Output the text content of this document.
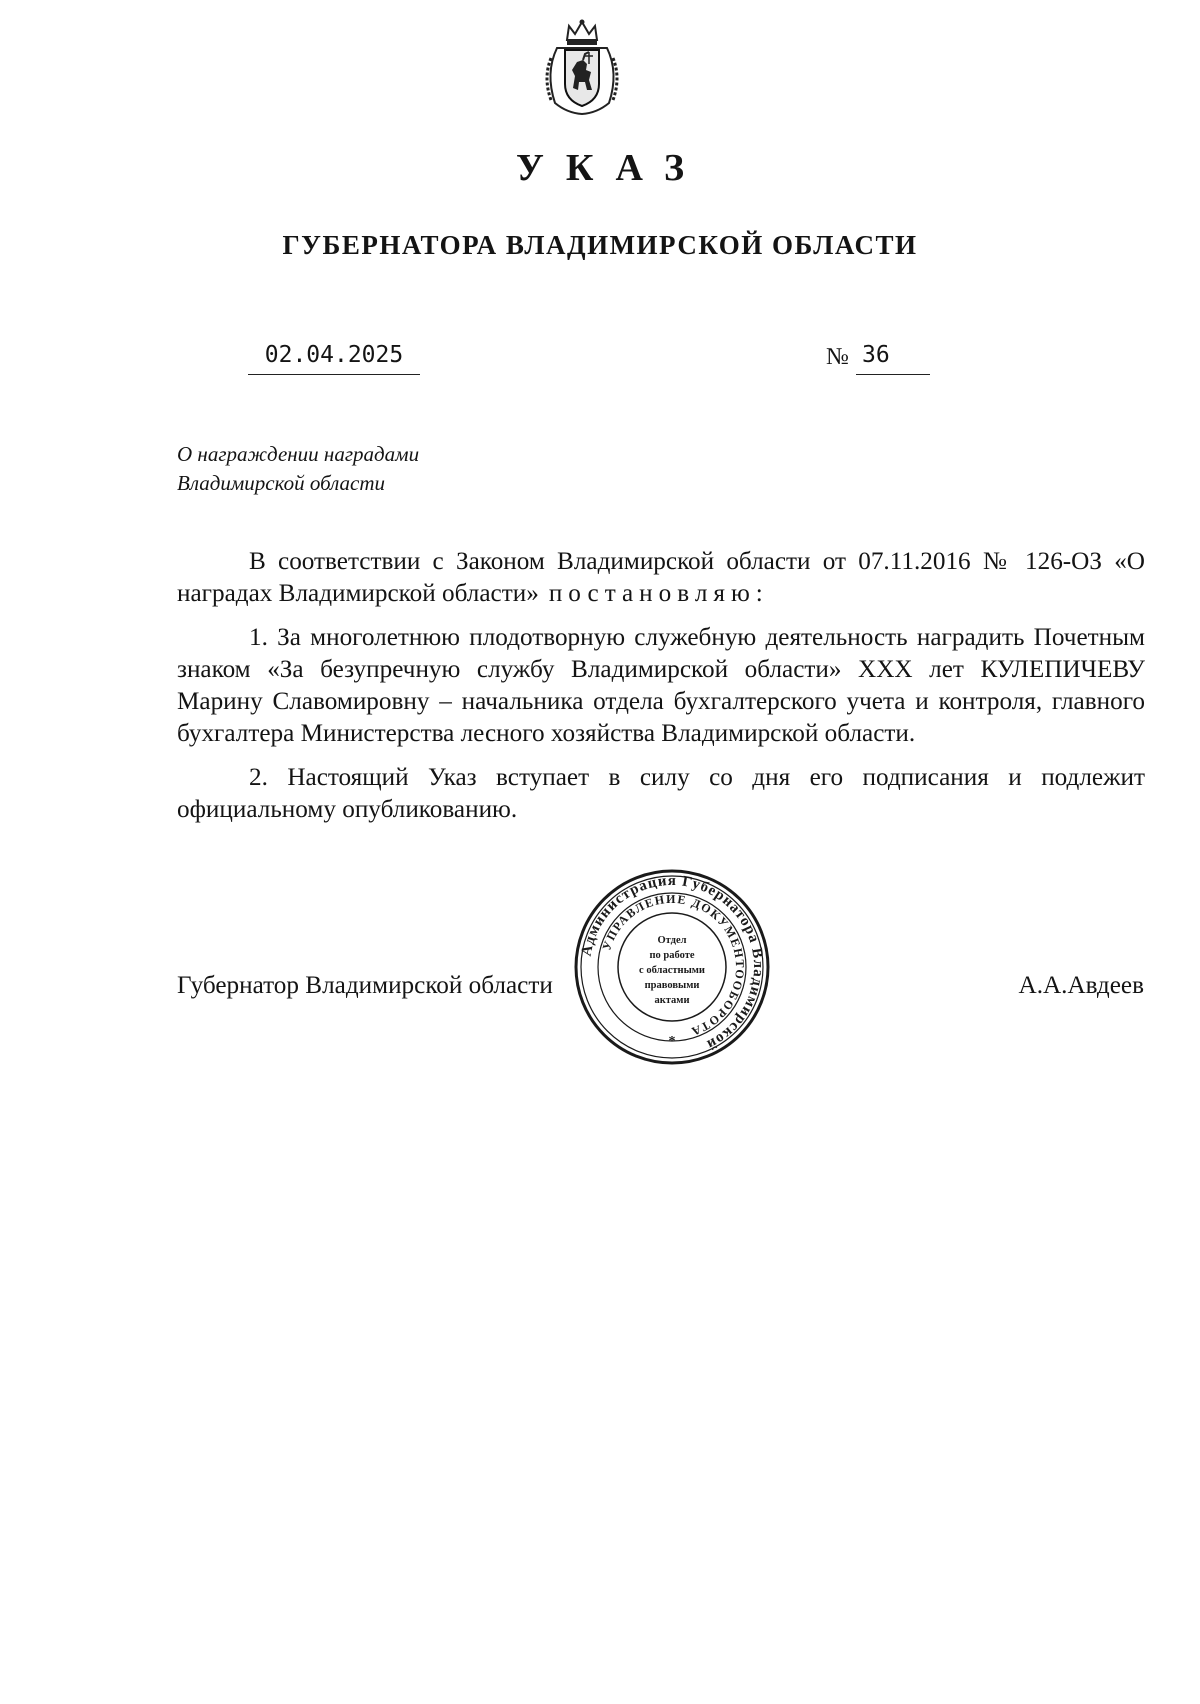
УКАЗ
ГУБЕРНАТОРА ВЛАДИМИРСКОЙ ОБЛАСТИ
02.04.2025	№ 36
О награждении наградами
Владимирской области

В соответствии с Законом Владимирской области от 07.11.2016 № 126-ОЗ «О наградах Владимирской области» постановляю:

1. За многолетнюю плодотворную служебную деятельность наградить Почетным знаком «За безупречную службу Владимирской области» XXX лет КУЛЕПИЧЕВУ Марину Славомировну – начальника отдела бухгалтерского учета и контроля, главного бухгалтера Министерства лесного хозяйства Владимирской области.

2. Настоящий Указ вступает в силу со дня его подписания и подлежит официальному опубликованию.

Губернатор Владимирской области	А.А.Авдеев
Администрация Губернатора Владимирской
УПРАВЛЕНИЕ ДОКУМЕНТООБОРОТА
*
Отдел
по работе
с областными
правовыми
актами
